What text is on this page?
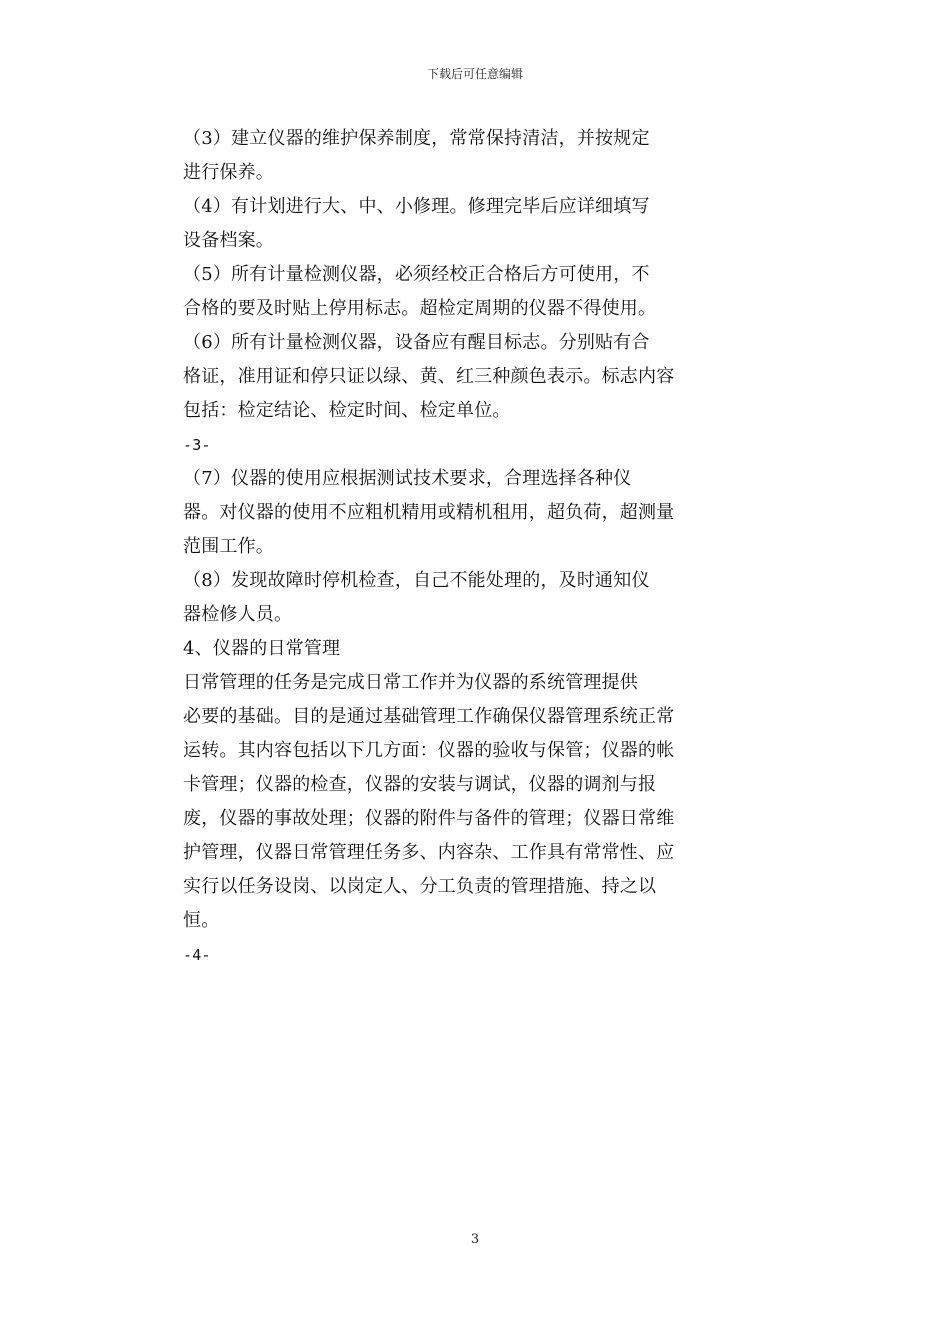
下载后可任意编辑
（3）建立仪器的维护保养制度，常常保持清洁，并按规定
进行保养。
（4）有计划进行大、中、小修理。修理完毕后应详细填写
设备档案。
（5）所有计量检测仪器，必须经校正合格后方可使用，不
合格的要及时贴上停用标志。超检定周期的仪器不得使用。
（6）所有计量检测仪器，设备应有醒目标志。分别贴有合
格证，准用证和停只证以绿、黄、红三种颜色表示。标志内容
包括：检定结论、检定时间、检定单位。
-3-
（7）仪器的使用应根据测试技术要求，合理选择各种仪
器。对仪器的使用不应粗机精用或精机租用，超负荷，超测量
范围工作。
（8）发现故障时停机检查，自己不能处理的，及时通知仪
器检修人员。
4、仪器的日常管理
日常管理的任务是完成日常工作并为仪器的系统管理提供
必要的基础。目的是通过基础管理工作确保仪器管理系统正常
运转。其内容包括以下几方面：仪器的验收与保管；仪器的帐
卡管理；仪器的检查，仪器的安装与调试，仪器的调剂与报
废，仪器的事故处理；仪器的附件与备件的管理；仪器日常维
护管理，仪器日常管理任务多、内容杂、工作具有常常性、应
实行以任务设岗、以岗定人、分工负责的管理措施、持之以
恒。
-4-
3
